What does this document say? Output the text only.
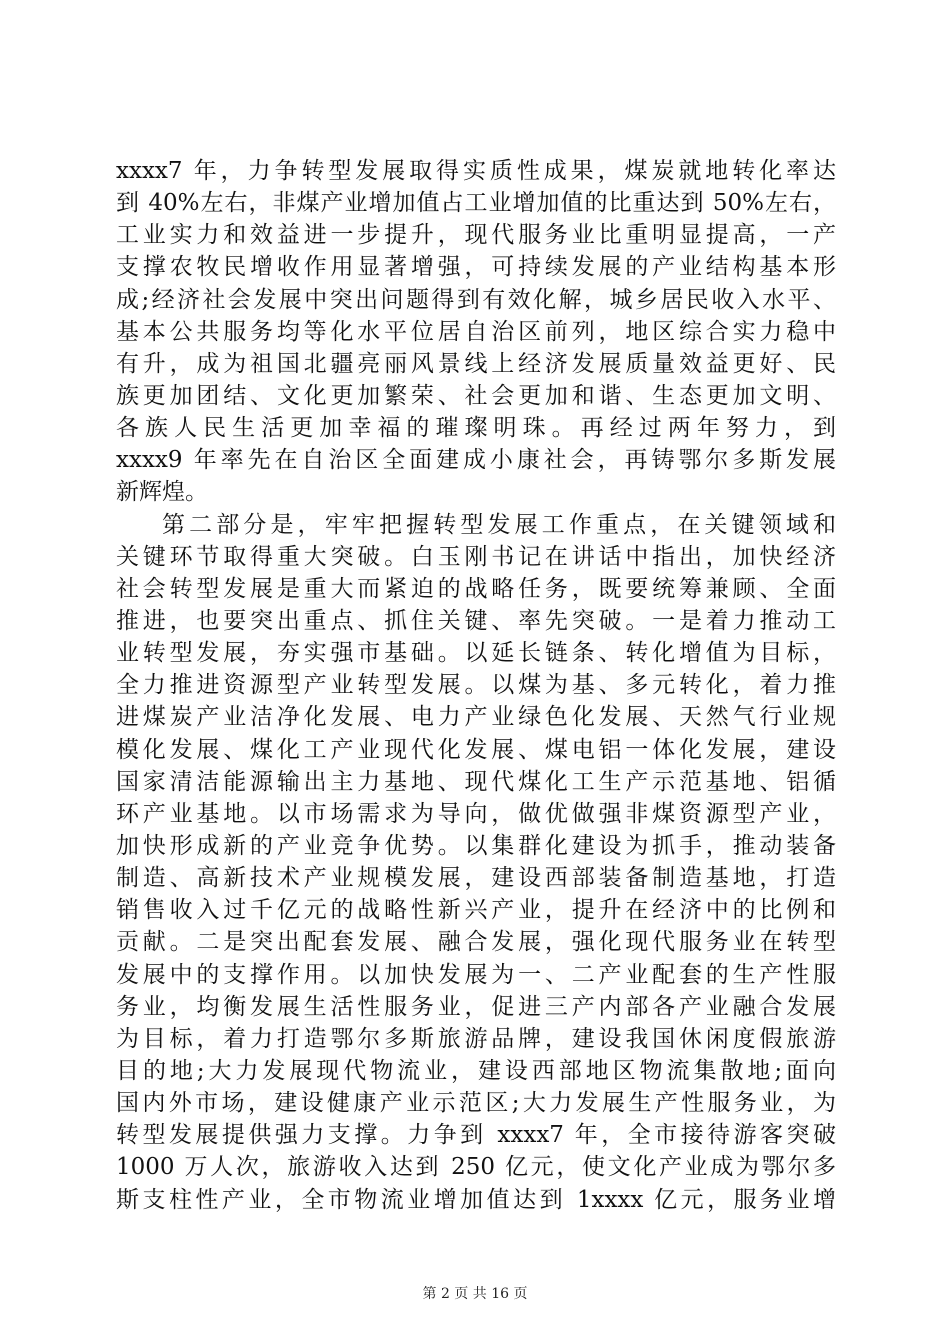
xxxx7 年，力争转型发展取得实质性成果，煤炭就地转化率达
到 40%左右，非煤产业增加值占工业增加值的比重达到 50%左右，
工业实力和效益进一步提升，现代服务业比重明显提高，一产
支撑农牧民增收作用显著增强，可持续发展的产业结构基本形
成;经济社会发展中突出问题得到有效化解，城乡居民收入水平、
基本公共服务均等化水平位居自治区前列，地区综合实力稳中
有升，成为祖国北疆亮丽风景线上经济发展质量效益更好、民
族更加团结、文化更加繁荣、社会更加和谐、生态更加文明、
各族人民生活更加幸福的璀璨明珠。再经过两年努力，到
xxxx9 年率先在自治区全面建成小康社会，再铸鄂尔多斯发展
新辉煌。
第二部分是，牢牢把握转型发展工作重点，在关键领域和
关键环节取得重大突破。白玉刚书记在讲话中指出，加快经济
社会转型发展是重大而紧迫的战略任务，既要统筹兼顾、全面
推进，也要突出重点、抓住关键、率先突破。一是着力推动工
业转型发展，夯实强市基础。以延长链条、转化增值为目标，
全力推进资源型产业转型发展。以煤为基、多元转化，着力推
进煤炭产业洁净化发展、电力产业绿色化发展、天然气行业规
模化发展、煤化工产业现代化发展、煤电铝一体化发展，建设
国家清洁能源输出主力基地、现代煤化工生产示范基地、铝循
环产业基地。以市场需求为导向，做优做强非煤资源型产业，
加快形成新的产业竞争优势。以集群化建设为抓手，推动装备
制造、高新技术产业规模发展，建设西部装备制造基地，打造
销售收入过千亿元的战略性新兴产业，提升在经济中的比例和
贡献。二是突出配套发展、融合发展，强化现代服务业在转型
发展中的支撑作用。以加快发展为一、二产业配套的生产性服
务业，均衡发展生活性服务业，促进三产内部各产业融合发展
为目标，着力打造鄂尔多斯旅游品牌，建设我国休闲度假旅游
目的地;大力发展现代物流业，建设西部地区物流集散地;面向
国内外市场，建设健康产业示范区;大力发展生产性服务业，为
转型发展提供强力支撑。力争到 xxxx7 年，全市接待游客突破
1000 万人次，旅游收入达到 250 亿元，使文化产业成为鄂尔多
斯支柱性产业，全市物流业增加值达到 1xxxx 亿元，服务业增
第 2 页 共 16 页
